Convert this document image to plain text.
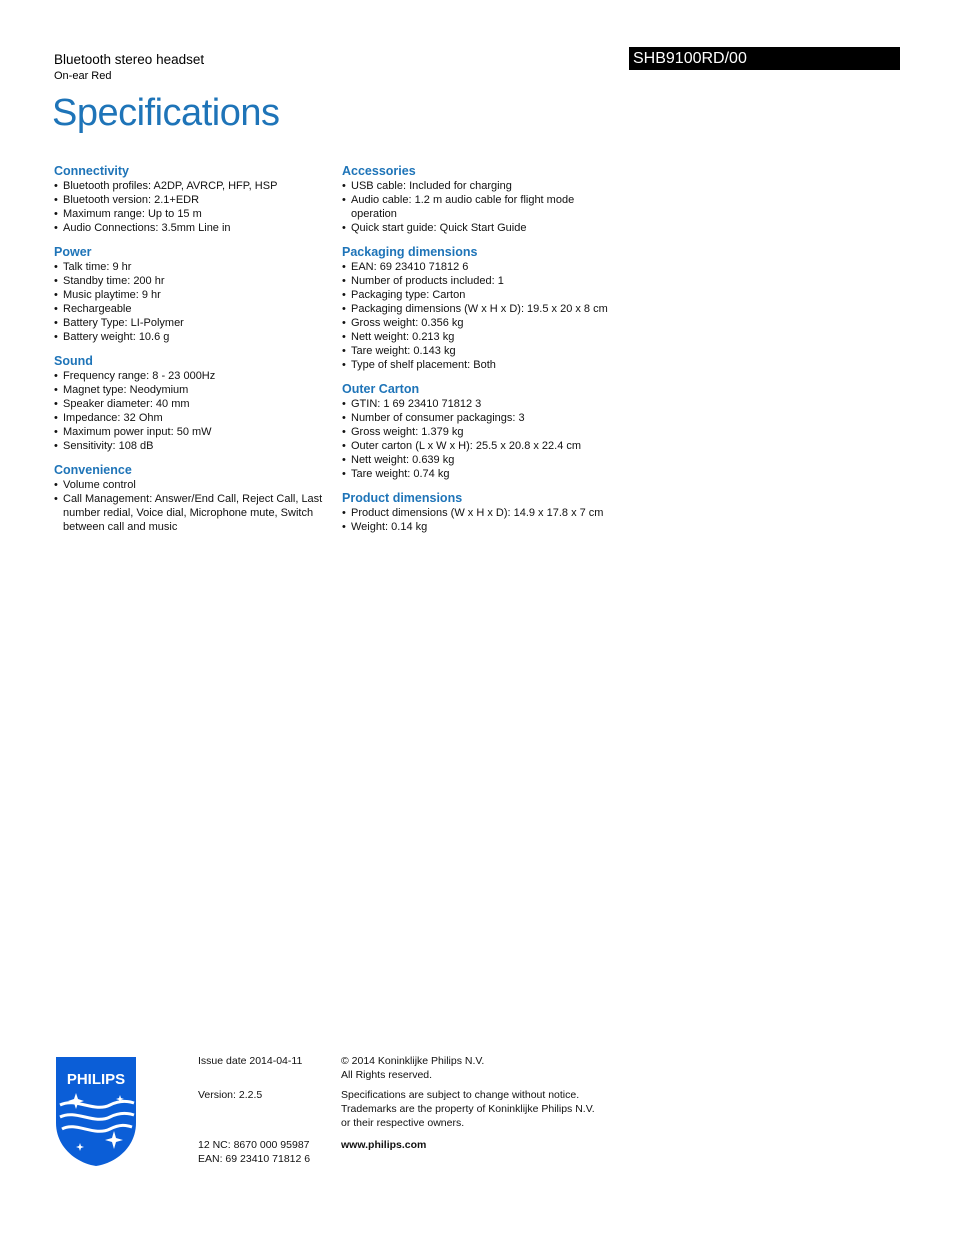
Bluetooth stereo headset
On-ear Red
SHB9100RD/00
Specifications
Connectivity
• Bluetooth profiles: A2DP, AVRCP, HFP, HSP
• Bluetooth version: 2.1+EDR
• Maximum range: Up to 15 m
• Audio Connections: 3.5mm Line in
Power
• Talk time: 9 hr
• Standby time: 200 hr
• Music playtime: 9 hr
• Rechargeable
• Battery Type: LI-Polymer
• Battery weight: 10.6 g
Sound
• Frequency range: 8 - 23 000Hz
• Magnet type: Neodymium
• Speaker diameter: 40 mm
• Impedance: 32 Ohm
• Maximum power input: 50 mW
• Sensitivity: 108 dB
Convenience
• Volume control
• Call Management: Answer/End Call, Reject Call, Last number redial, Voice dial, Microphone mute, Switch between call and music
Accessories
• USB cable: Included for charging
• Audio cable: 1.2 m audio cable for flight mode operation
• Quick start guide: Quick Start Guide
Packaging dimensions
• EAN: 69 23410 71812 6
• Number of products included: 1
• Packaging type: Carton
• Packaging dimensions (W x H x D): 19.5 x 20 x 8 cm
• Gross weight: 0.356 kg
• Nett weight: 0.213 kg
• Tare weight: 0.143 kg
• Type of shelf placement: Both
Outer Carton
• GTIN: 1 69 23410 71812 3
• Number of consumer packagings: 3
• Gross weight: 1.379 kg
• Outer carton (L x W x H): 25.5 x 20.8 x 22.4 cm
• Nett weight: 0.639 kg
• Tare weight: 0.74 kg
Product dimensions
• Product dimensions (W x H x D): 14.9 x 17.8 x 7 cm
• Weight: 0.14 kg
PHILIPS
Issue date 2014-04-11
Version: 2.2.5
12 NC: 8670 000 95987
EAN: 69 23410 71812 6
© 2014 Koninklijke Philips N.V.
All Rights reserved.
Specifications are subject to change without notice.
Trademarks are the property of Koninklijke Philips N.V.
or their respective owners.
www.philips.com
